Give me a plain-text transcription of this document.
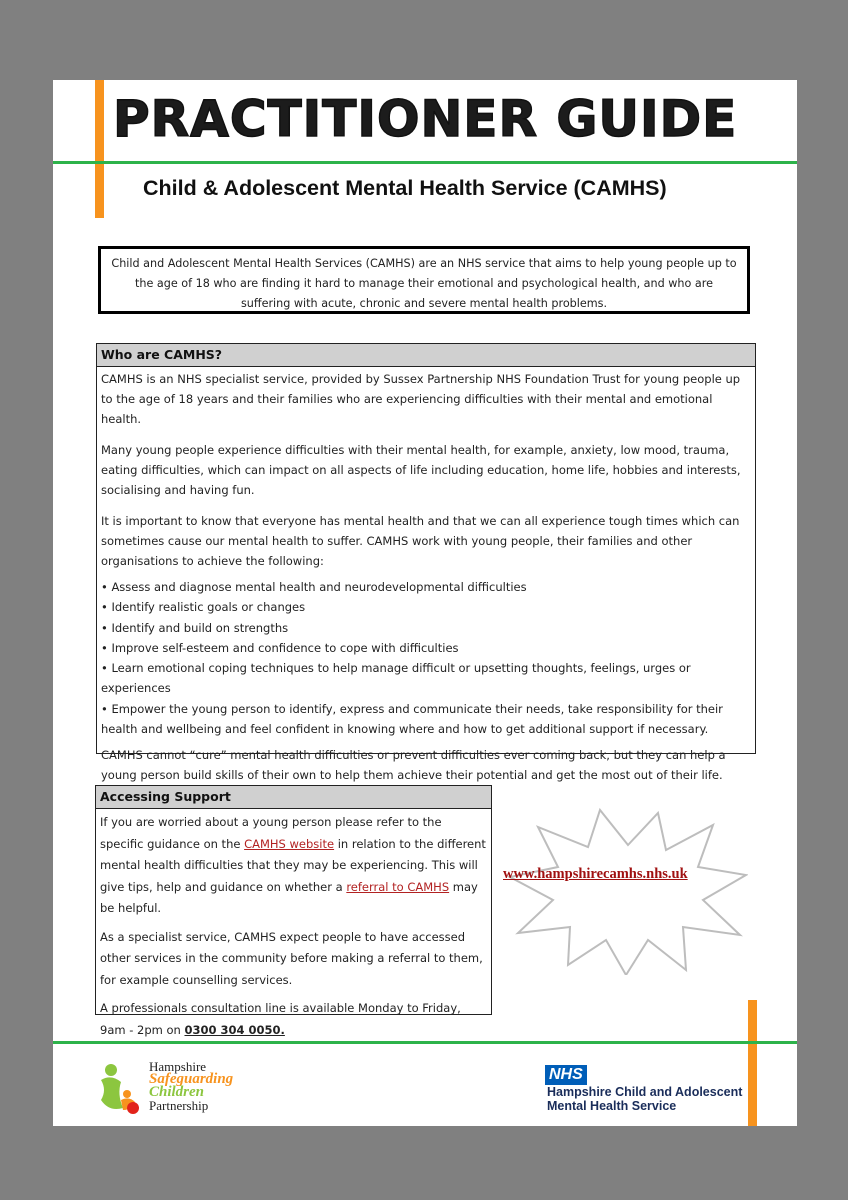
PRACTITIONER GUIDE
Child & Adolescent Mental Health Service (CAMHS)
Child and Adolescent Mental Health Services (CAMHS) are an NHS service that aims to help young people up to the age of 18 who are finding it hard to manage their emotional and psychological health, and who are suffering with acute, chronic and severe mental health problems.
Who are CAMHS?

CAMHS is an NHS specialist service, provided by Sussex Partnership NHS Foundation Trust for young people up to the age of 18 years and their families who are experiencing difficulties with their mental and emotional health.

Many young people experience difficulties with their mental health, for example, anxiety, low mood, trauma, eating difficulties, which can impact on all aspects of life including education, home life, hobbies and interests, socialising and having fun.

It is important to know that everyone has mental health and that we can all experience tough times which can sometimes cause our mental health to suffer. CAMHS work with young people, their families and other organisations to achieve the following:

• Assess and diagnose mental health and neurodevelopmental difficulties
• Identify realistic goals or changes
• Identify and build on strengths
• Improve self-esteem and confidence to cope with difficulties
• Learn emotional coping techniques to help manage difficult or upsetting thoughts, feelings, urges or experiences
• Empower the young person to identify, express and communicate their needs, take responsibility for their health and wellbeing and feel confident in knowing where and how to get additional support if necessary.

CAMHS cannot “cure” mental health difficulties or prevent difficulties ever coming back, but they can help a young person build skills of their own to help them achieve their potential and get the most out of their life.

Accessing Support

If you are worried about a young person please refer to the specific guidance on the CAMHS website in relation to the different mental health difficulties that they may be experiencing. This will give tips, help and guidance on whether a referral to CAMHS may be helpful.

As a specialist service, CAMHS expect people to have accessed other services in the community before making a referral to them, for example counselling services.

A professionals consultation line is available Monday to Friday, 9am - 2pm on 0300 304 0050.

www.hampshirecamhs.nhs.uk
Hampshire
Safeguarding
Children
Partnership
NHS
Hampshire Child and Adolescent
Mental Health Service
